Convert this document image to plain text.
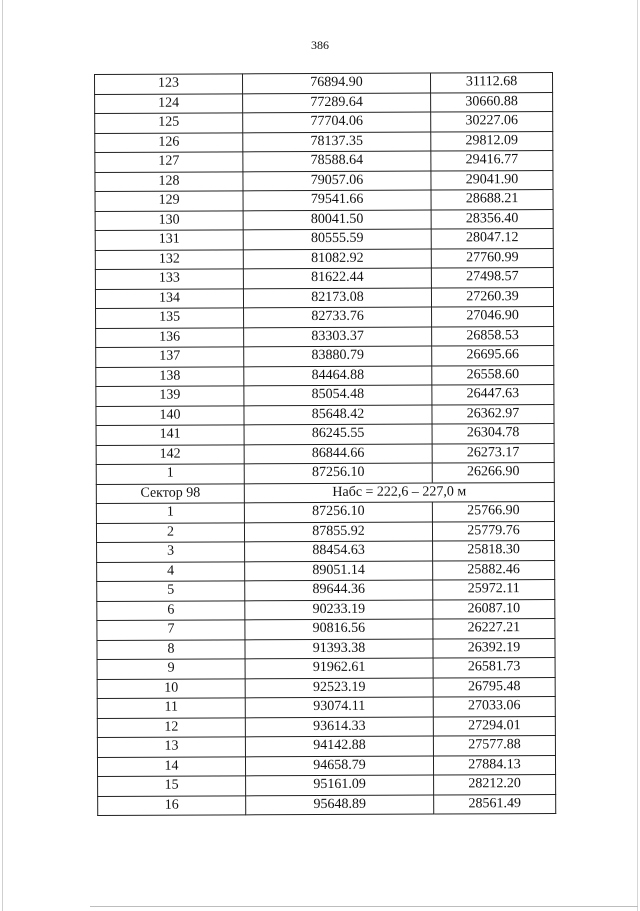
386
123	76894.90	31112.68
124	77289.64	30660.88
125	77704.06	30227.06
126	78137.35	29812.09
127	78588.64	29416.77
128	79057.06	29041.90
129	79541.66	28688.21
130	80041.50	28356.40
131	80555.59	28047.12
132	81082.92	27760.99
133	81622.44	27498.57
134	82173.08	27260.39
135	82733.76	27046.90
136	83303.37	26858.53
137	83880.79	26695.66
138	84464.88	26558.60
139	85054.48	26447.63
140	85648.42	26362.97
141	86245.55	26304.78
142	86844.66	26273.17
1	87256.10	26266.90
Сектор 98	Набс = 222,6 – 227,0 м	
1	87256.10	25766.90
2	87855.92	25779.76
3	88454.63	25818.30
4	89051.14	25882.46
5	89644.36	25972.11
6	90233.19	26087.10
7	90816.56	26227.21
8	91393.38	26392.19
9	91962.61	26581.73
10	92523.19	26795.48
11	93074.11	27033.06
12	93614.33	27294.01
13	94142.88	27577.88
14	94658.79	27884.13
15	95161.09	28212.20
16	95648.89	28561.49
